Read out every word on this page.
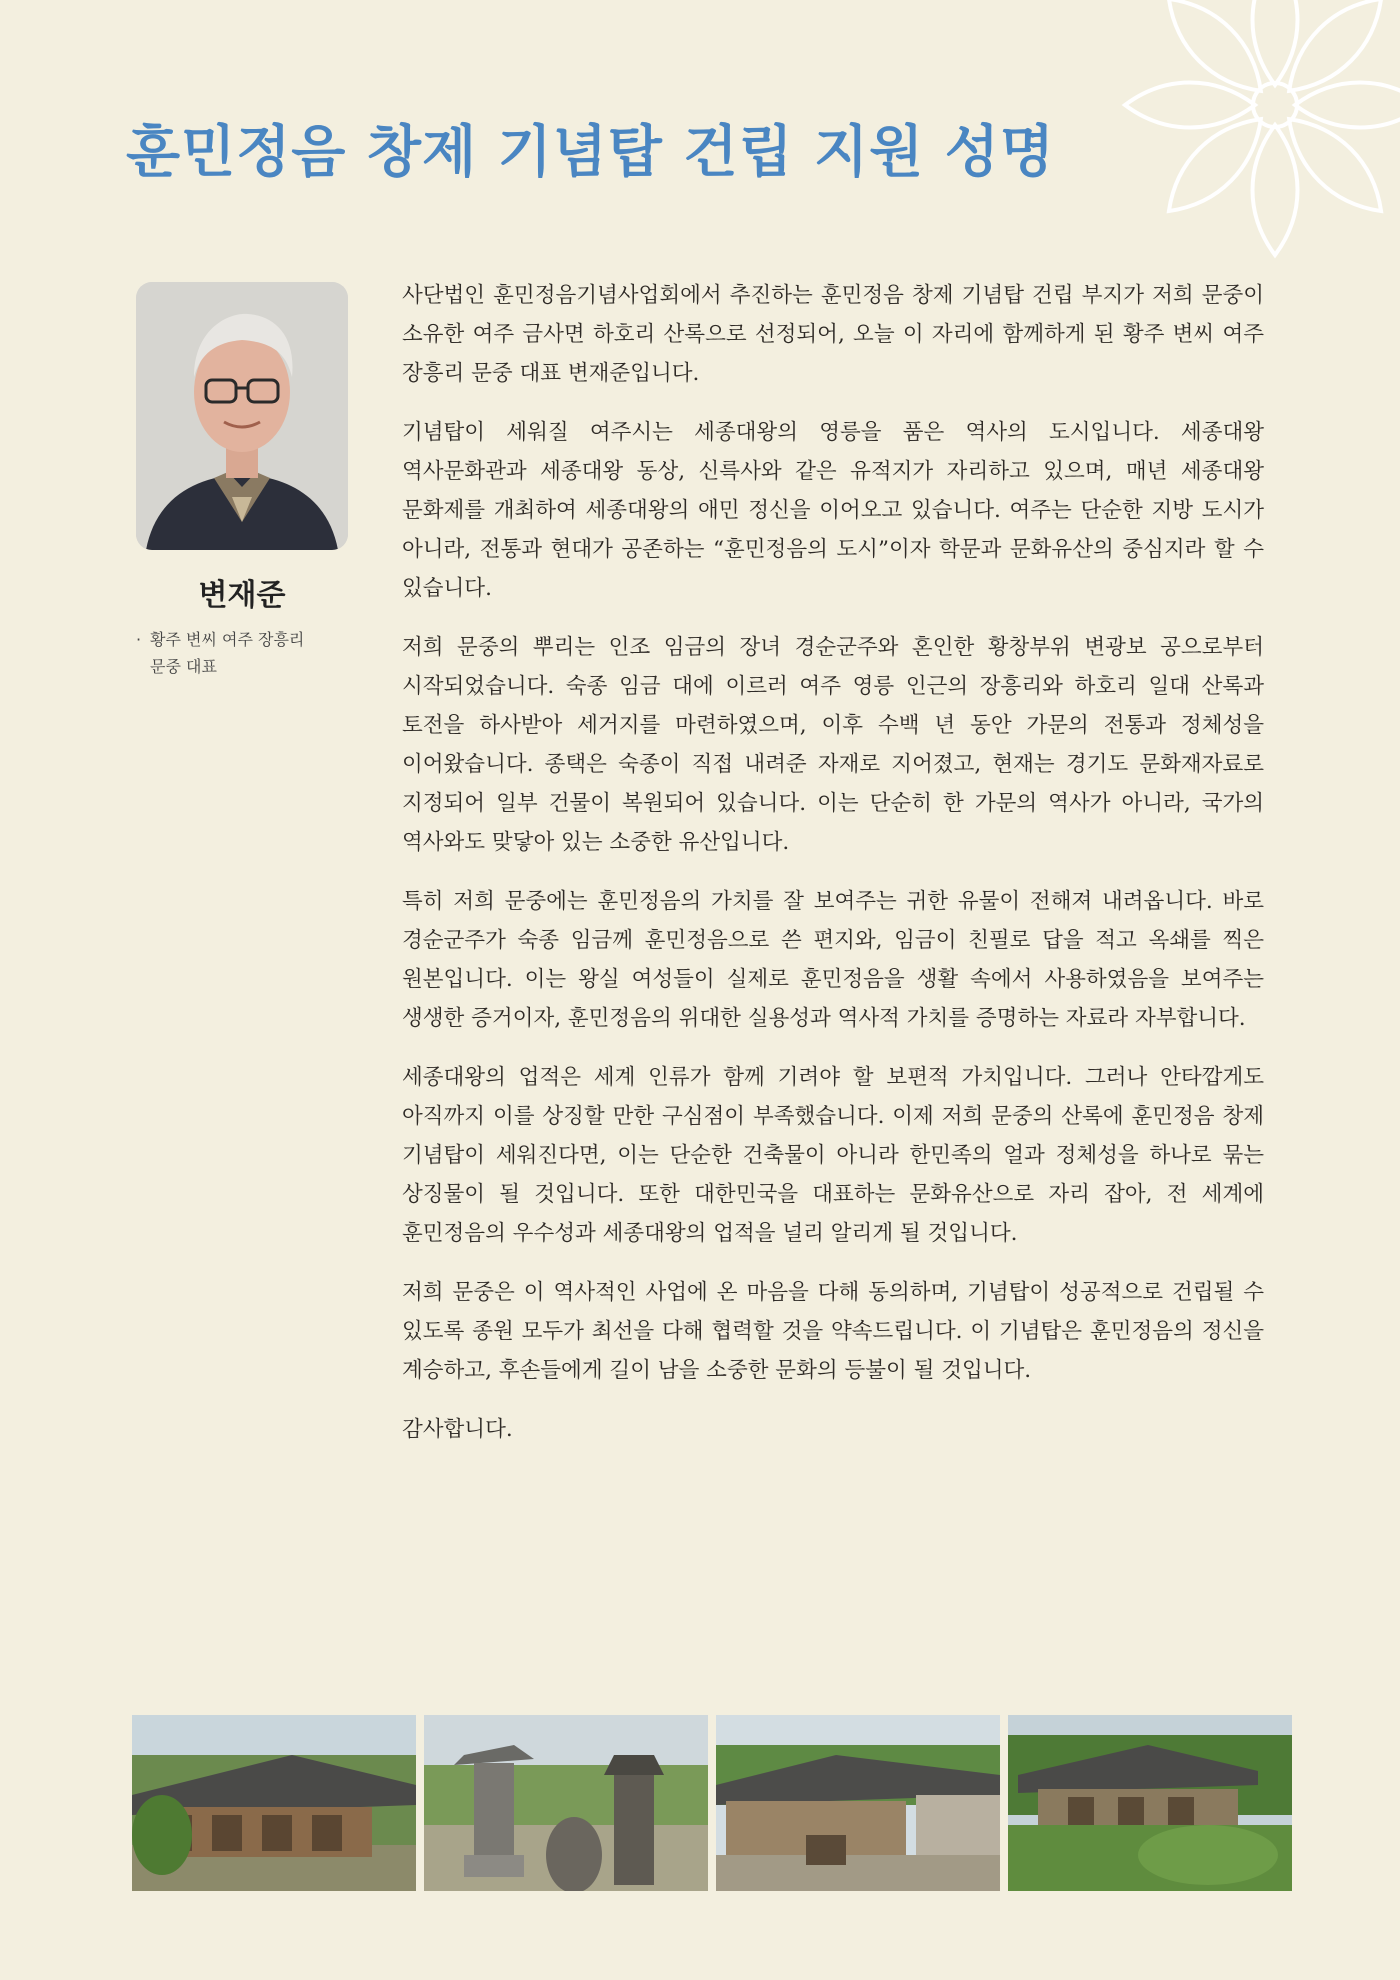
훈민정음 창제 기념탑 건립 지원 성명
변재준
· 황주 변씨 여주 장흥리
문중 대표

사단법인 훈민정음기념사업회에서 추진하는 훈민정음 창제 기념탑 건립 부지가 저희 문중이 소유한 여주 금사면 하호리 산록으로 선정되어, 오늘 이 자리에 함께하게 된 황주 변씨 여주 장흥리 문중 대표 변재준입니다.

기념탑이 세워질 여주시는 세종대왕의 영릉을 품은 역사의 도시입니다. 세종대왕 역사문화관과 세종대왕 동상, 신륵사와 같은 유적지가 자리하고 있으며, 매년 세종대왕 문화제를 개최하여 세종대왕의 애민 정신을 이어오고 있습니다. 여주는 단순한 지방 도시가 아니라, 전통과 현대가 공존하는 “훈민정음의 도시”이자 학문과 문화유산의 중심지라 할 수 있습니다.

저희 문중의 뿌리는 인조 임금의 장녀 경순군주와 혼인한 황창부위 변광보 공으로부터 시작되었습니다. 숙종 임금 대에 이르러 여주 영릉 인근의 장흥리와 하호리 일대 산록과 토전을 하사받아 세거지를 마련하였으며, 이후 수백 년 동안 가문의 전통과 정체성을 이어왔습니다. 종택은 숙종이 직접 내려준 자재로 지어졌고, 현재는 경기도 문화재자료로 지정되어 일부 건물이 복원되어 있습니다. 이는 단순히 한 가문의 역사가 아니라, 국가의 역사와도 맞닿아 있는 소중한 유산입니다.

특히 저희 문중에는 훈민정음의 가치를 잘 보여주는 귀한 유물이 전해져 내려옵니다. 바로 경순군주가 숙종 임금께 훈민정음으로 쓴 편지와, 임금이 친필로 답을 적고 옥쇄를 찍은 원본입니다. 이는 왕실 여성들이 실제로 훈민정음을 생활 속에서 사용하였음을 보여주는 생생한 증거이자, 훈민정음의 위대한 실용성과 역사적 가치를 증명하는 자료라 자부합니다.

세종대왕의 업적은 세계 인류가 함께 기려야 할 보편적 가치입니다. 그러나 안타깝게도 아직까지 이를 상징할 만한 구심점이 부족했습니다. 이제 저희 문중의 산록에 훈민정음 창제 기념탑이 세워진다면, 이는 단순한 건축물이 아니라 한민족의 얼과 정체성을 하나로 묶는 상징물이 될 것입니다. 또한 대한민국을 대표하는 문화유산으로 자리 잡아, 전 세계에 훈민정음의 우수성과 세종대왕의 업적을 널리 알리게 될 것입니다.

저희 문중은 이 역사적인 사업에 온 마음을 다해 동의하며, 기념탑이 성공적으로 건립될 수 있도록 종원 모두가 최선을 다해 협력할 것을 약속드립니다. 이 기념탑은 훈민정음의 정신을 계승하고, 후손들에게 길이 남을 소중한 문화의 등불이 될 것입니다.

감사합니다.
